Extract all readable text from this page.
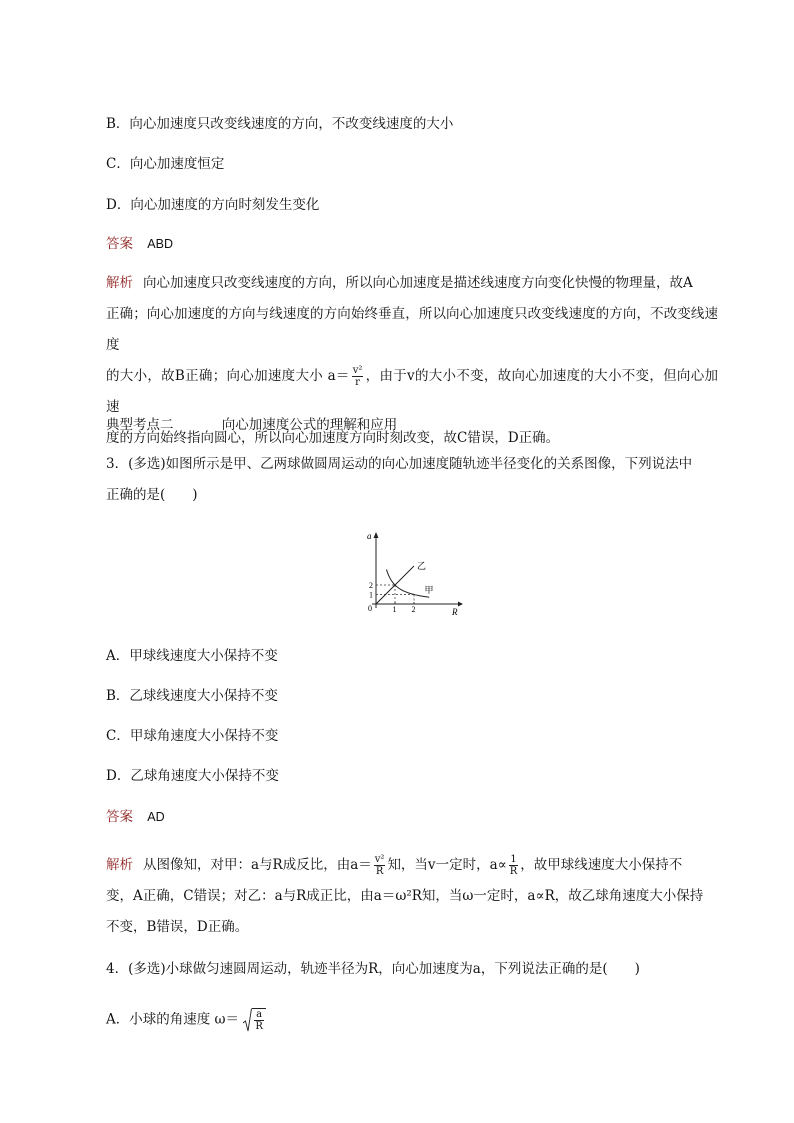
B．向心加速度只改变线速度的方向，不改变线速度的大小
C．向心加速度恒定
D．向心加速度的方向时刻发生变化
答案 ABD
解析 向心加速度只改变线速度的方向，所以向心加速度是描述线速度方向变化快慢的物理量，故A
正确；向心加速度的方向与线速度的方向始终垂直，所以向心加速度只改变线速度的方向，不改变线速度
的大小，故B正确；向心加速度大小 $a= \frac{\text{v²}}{r}$ ，由于v的大小不变，故向心加速度的大小不变，但向心加速
度的方向始终指向圆心，所以向心加速度方向时刻改变，故C错误，D正确。
典型考点二	向心加速度公式的理解和应用
3．(多选)如图所示是甲、乙两球做圆周运动的向心加速度随轨迹半径变化的关系图像，下列说法中
正确的是(　　)
a
R
0	1 2
1
2
乙
甲
A．甲球线速度大小保持不变
B．乙球线速度大小保持不变
C．甲球角速度大小保持不变
D．乙球角速度大小保持不变
答案 AD
解析 从图像知，对甲：a与R成反比，由$a= \frac{\text{v²}}{R}$ 知，当v一定时，$a\propto \frac{1}{R}$ ，故甲球线速度大小保持不
变，A正确，C错误；对乙：a与R成正比，由a＝ω²R知，当ω一定时，a∝R，故乙球角速度大小保持
不变，B错误，D正确。
4．(多选)小球做匀速圆周运动，轨迹半径为R，向心加速度为a，下列说法正确的是(　　)
A．小球的角速度 $\omega= \frac{a}{R}$
